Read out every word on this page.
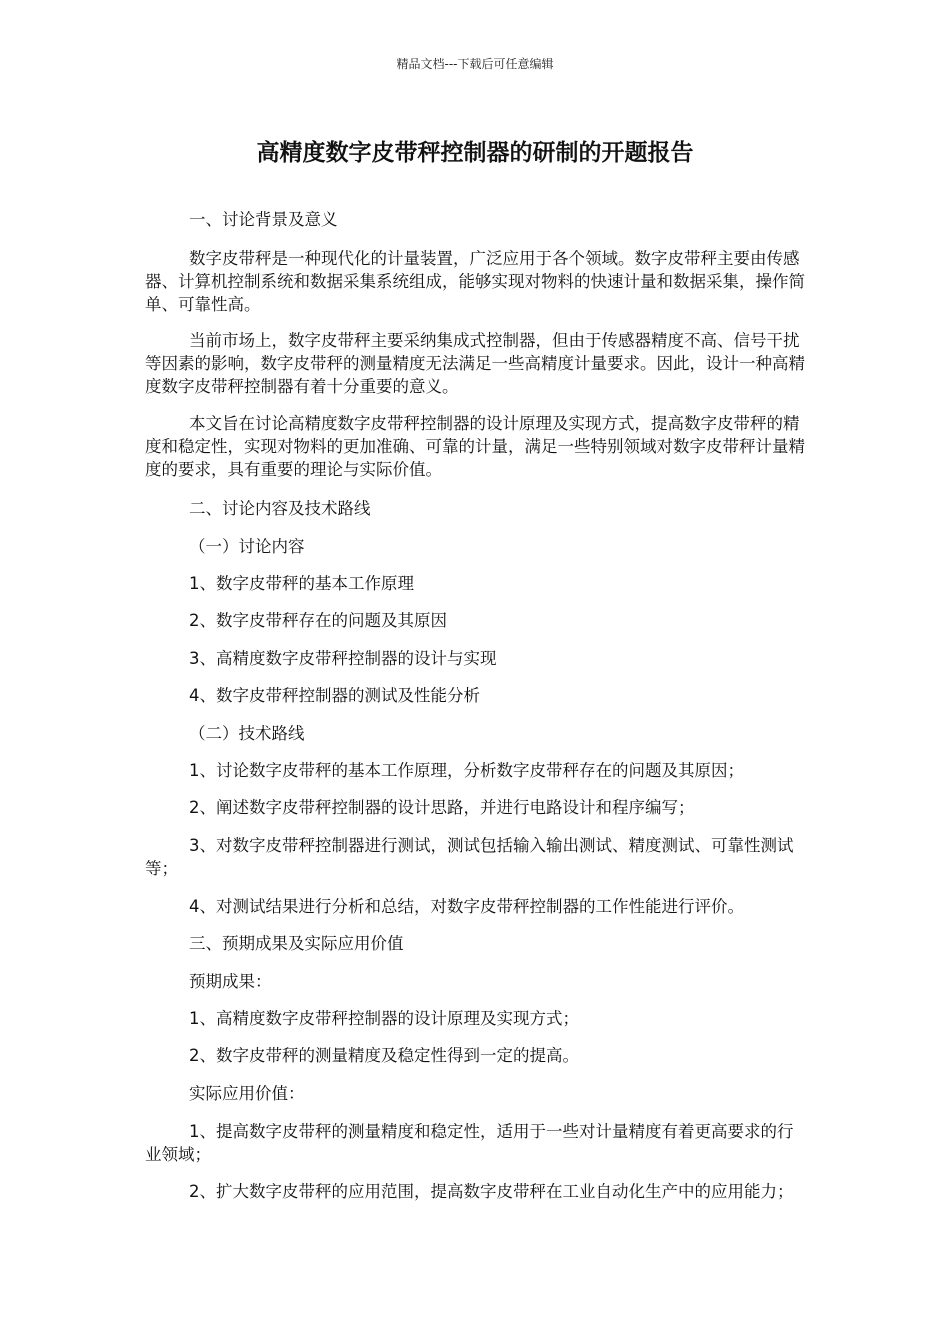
精品文档---下载后可任意编辑
高精度数字皮带秤控制器的研制的开题报告

一、讨论背景及意义

数字皮带秤是一种现代化的计量装置，广泛应用于各个领域。数字皮带秤主要由传感器、计算机控制系统和数据采集系统组成，能够实现对物料的快速计量和数据采集，操作简单、可靠性高。

当前市场上，数字皮带秤主要采纳集成式控制器，但由于传感器精度不高、信号干扰等因素的影响，数字皮带秤的测量精度无法满足一些高精度计量要求。因此，设计一种高精度数字皮带秤控制器有着十分重要的意义。

本文旨在讨论高精度数字皮带秤控制器的设计原理及实现方式，提高数字皮带秤的精度和稳定性，实现对物料的更加准确、可靠的计量，满足一些特别领域对数字皮带秤计量精度的要求，具有重要的理论与实际价值。

二、讨论内容及技术路线

（一）讨论内容

1、数字皮带秤的基本工作原理

2、数字皮带秤存在的问题及其原因

3、高精度数字皮带秤控制器的设计与实现

4、数字皮带秤控制器的测试及性能分析

（二）技术路线

1、讨论数字皮带秤的基本工作原理，分析数字皮带秤存在的问题及其原因；

2、阐述数字皮带秤控制器的设计思路，并进行电路设计和程序编写；

3、对数字皮带秤控制器进行测试，测试包括输入输出测试、精度测试、可靠性测试等；

4、对测试结果进行分析和总结，对数字皮带秤控制器的工作性能进行评价。

三、预期成果及实际应用价值

预期成果：

1、高精度数字皮带秤控制器的设计原理及实现方式；

2、数字皮带秤的测量精度及稳定性得到一定的提高。

实际应用价值：

1、提高数字皮带秤的测量精度和稳定性，适用于一些对计量精度有着更高要求的行业领域；

2、扩大数字皮带秤的应用范围，提高数字皮带秤在工业自动化生产中的应用能力；
